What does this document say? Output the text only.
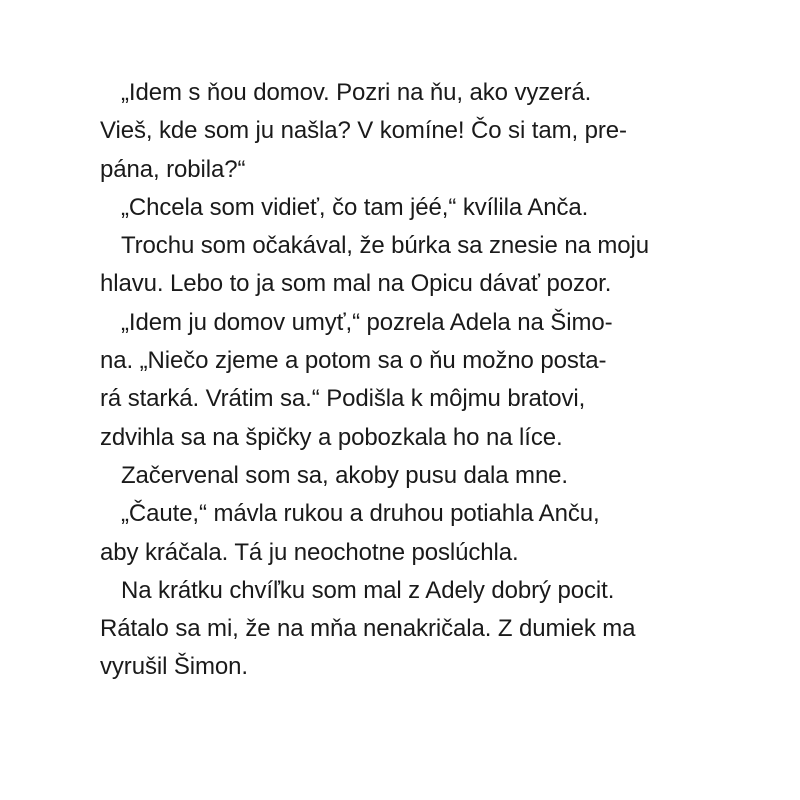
„Idem s ňou domov. Pozri na ňu, ako vyzerá.
Vieš, kde som ju našla? V komíne! Čo si tam, pre-
pána, robila?“
„Chcela som vidieť, čo tam jéé,“ kvílila Anča.
Trochu som očakával, že búrka sa znesie na moju
hlavu. Lebo to ja som mal na Opicu dávať pozor.
„Idem ju domov umyť,“ pozrela Adela na Šimo-
na. „Niečo zjeme a potom sa o ňu možno posta-
rá starká. Vrátim sa.“ Podišla k môjmu bratovi,
zdvihla sa na špičky a pobozkala ho na líce.
Začervenal som sa, akoby pusu dala mne.
„Čaute,“ mávla rukou a druhou potiahla Anču,
aby kráčala. Tá ju neochotne poslúchla.
Na krátku chvíľku som mal z Adely dobrý pocit.
Rátalo sa mi, že na mňa nenakričala. Z dumiek ma
vyrušil Šimon.
